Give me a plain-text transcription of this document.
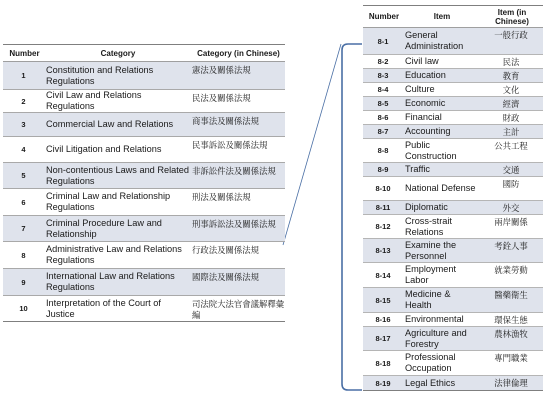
Number	Category	Category (in Chinese)
1	Constitution and Relations Regulations	憲法及關係法規
2	Civil Law and Relations Regulations	民法及關係法規
3	Commercial Law and Relations	商事法及關係法規
4	Civil Litigation and Relations	民事訴訟及關係法規
5	Non-contentious Laws and Related Regulations	非訴訟件法及關係法規
6	Criminal Law and Relationship Regulations	刑法及關係法規
7	Criminal Procedure Law and Relationship	刑事訴訟法及關係法規
8	Administrative Law and Relations Regulations	行政法及關係法規
9	International Law and Relations Regulations	國際法及關係法規
10	Interpretation of the Court of Justice	司法院大法官會議解釋彙編
Number	Item	Item (in Chinese)
8-1	General Administration	一般行政
8-2	Civil law	民法
8-3	Education	教育
8-4	Culture	文化
8-5	Economic	經濟
8-6	Financial	財政
8-7	Accounting	主計
8-8	Public Construction	公共工程
8-9	Traffic	交通
8-10	National Defense	國防
8-11	Diplomatic	外交
8-12	Cross-strait Relations	兩岸關係
8-13	Examine the Personnel	考銓人事
8-14	Employment Labor	就業勞動
8-15	Medicine & Health	醫藥衛生
8-16	Environmental	環保生態
8-17	Agriculture and Forestry	農林漁牧
8-18	Professional Occupation	專門職業
8-19	Legal Ethics	法律倫理
